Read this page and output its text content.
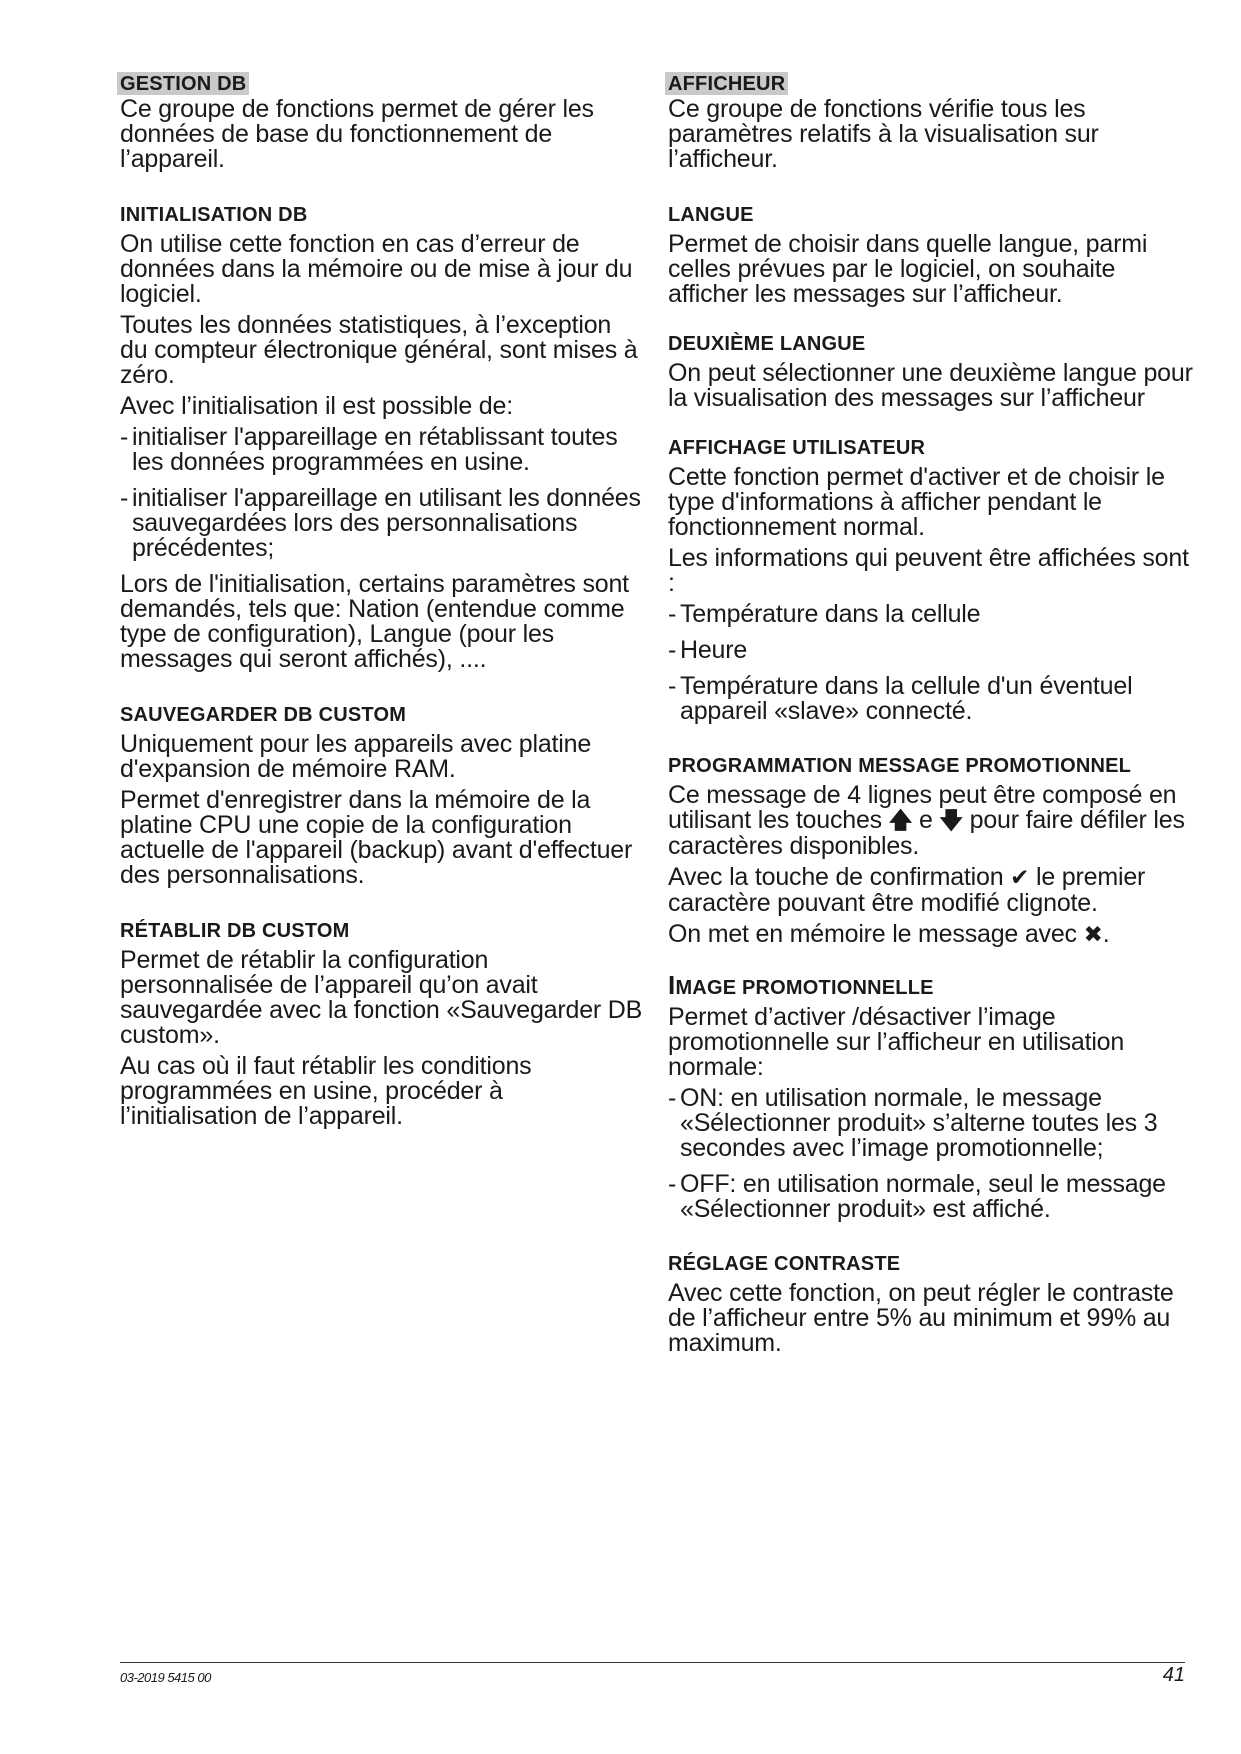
GESTION DB

Ce groupe de fonctions permet de gérer les données de base du fonctionnement de l’appareil.

INITIALISATION DB

On utilise cette fonction en cas d’erreur de données dans la mémoire ou de mise à jour du logiciel.

Toutes les données statistiques, à l’exception du compteur électronique général, sont mises à zéro.

Avec l’initialisation il est possible de:

- initialiser l'appareillage en rétablissant toutes les données programmées en usine.
- initialiser l'appareillage en utilisant les données sauvegardées lors des personnalisations précédentes;

Lors de l'initialisation, certains paramètres sont demandés, tels que: Nation (entendue comme type de configuration), Langue (pour les messages qui seront affichés), ....

SAUVEGARDER DB CUSTOM

Uniquement pour les appareils avec platine d'expansion de mémoire RAM.

Permet d'enregistrer dans la mémoire de la platine CPU une copie de la configuration actuelle de l'appareil (backup) avant d'effectuer des personnalisations.

RÉTABLIR DB CUSTOM

Permet de rétablir la configuration personnalisée de l’appareil qu’on avait sauvegardée avec la fonction «Sauvegarder DB custom».

Au cas où il faut rétablir les conditions programmées en usine, procéder à l’initialisation de l’appareil.

AFFICHEUR

Ce groupe de fonctions vérifie tous les paramètres relatifs à la visualisation sur l’afficheur.

LANGUE

Permet de choisir dans quelle langue, parmi celles prévues par le logiciel, on souhaite afficher les messages sur l’afficheur.

DEUXIÈME LANGUE

On peut sélectionner une deuxième langue pour la visualisation des messages sur l’afficheur

AFFICHAGE UTILISATEUR

Cette fonction permet d'activer et de choisir le type d'informations à afficher pendant le fonctionnement normal.

Les informations qui peuvent être affichées sont :

- Température dans la cellule
- Heure
- Température dans la cellule d'un éventuel appareil «slave» connecté.
PROGRAMMATION MESSAGE PROMOTIONNEL

Ce message de 4 lignes peut être composé en utilisant les touches 🡅 e 🡇 pour faire défiler les caractères disponibles.

Avec la touche de confirmation ✔ le premier caractère pouvant être modifié clignote.

On met en mémoire le message avec ✖.

IMAGE PROMOTIONNELLE

Permet d’activer /désactiver l’image promotionnelle sur l’afficheur en utilisation normale:

- ON: en utilisation normale, le message «Sélectionner produit» s’alterne toutes les 3 secondes avec l’image promotionnelle;
- OFF: en utilisation normale, seul le message «Sélectionner produit» est affiché.
RÉGLAGE CONTRASTE

Avec cette fonction, on peut régler le contraste de l’afficheur entre 5% au minimum et 99% au maximum.

03-2019 5415 00	41
